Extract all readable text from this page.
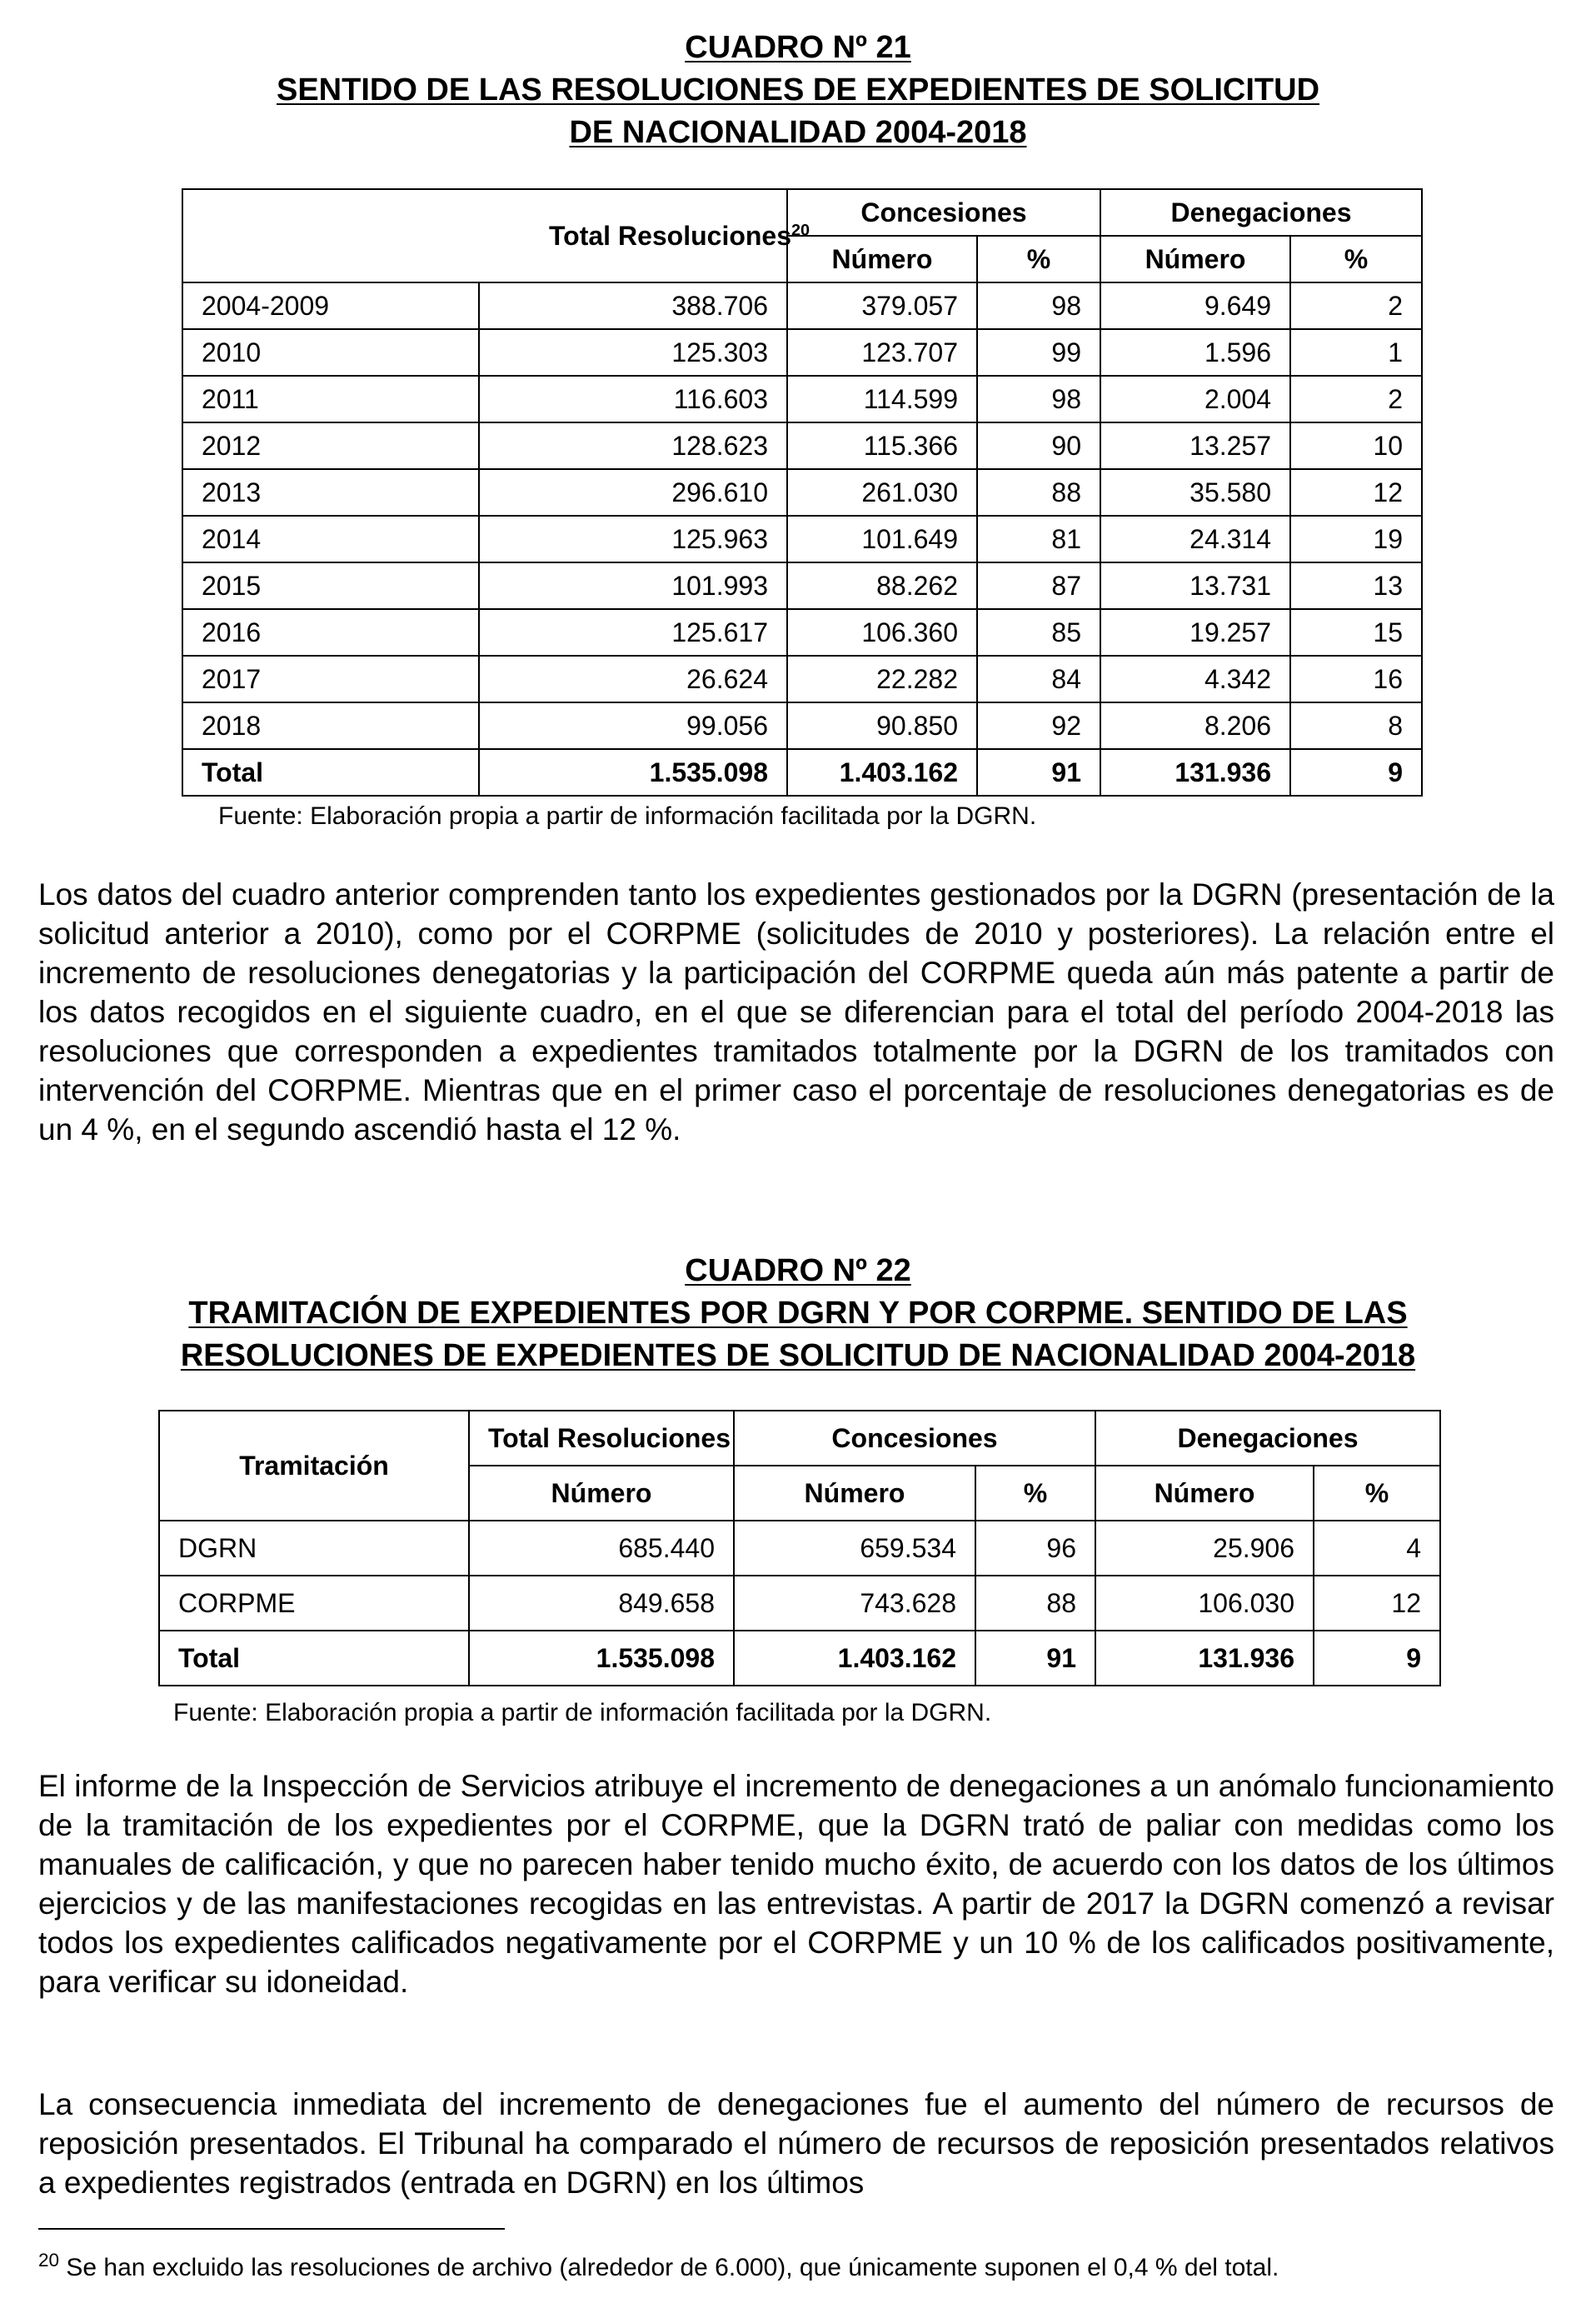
CUADRO Nº 21
SENTIDO DE LAS RESOLUCIONES DE EXPEDIENTES DE SOLICITUD
DE NACIONALIDAD 2004-2018
	Total Resoluciones$^{20}$	Concesiones		Denegaciones	
		Número	%	Número	%
2004-2009	388.706	379.057	98	9.649	2
2010	125.303	123.707	99	1.596	1
2011	116.603	114.599	98	2.004	2
2012	128.623	115.366	90	13.257	10
2013	296.610	261.030	88	35.580	12
2014	125.963	101.649	81	24.314	19
2015	101.993	88.262	87	13.731	13
2016	125.617	106.360	85	19.257	15
2017	26.624	22.282	84	4.342	16
2018	99.056	90.850	92	8.206	8
Total	1.535.098	1.403.162	91	131.936	9
Fuente: Elaboración propia a partir de información facilitada por la DGRN.
Los datos del cuadro anterior comprenden tanto los expedientes gestionados por la DGRN (presentación de la solicitud anterior a 2010), como por el CORPME (solicitudes de 2010 y posteriores). La relación entre el incremento de resoluciones denegatorias y la participación del CORPME queda aún más patente a partir de los datos recogidos en el siguiente cuadro, en el que se diferencian para el total del período 2004-2018 las resoluciones que corresponden a expedientes tramitados totalmente por la DGRN de los tramitados con intervención del CORPME. Mientras que en el primer caso el porcentaje de resoluciones denegatorias es de un 4 %, en el segundo ascendió hasta el 12 %.
CUADRO Nº 22
TRAMITACIÓN DE EXPEDIENTES POR DGRN Y POR CORPME. SENTIDO DE LAS
RESOLUCIONES DE EXPEDIENTES DE SOLICITUD DE NACIONALIDAD 2004-2018
Tramitación	Total Resoluciones	Concesiones		Denegaciones	
	Número	Número	%	Número	%
DGRN	685.440	659.534	96	25.906	4
CORPME	849.658	743.628	88	106.030	12
Total	1.535.098	1.403.162	91	131.936	9
Fuente: Elaboración propia a partir de información facilitada por la DGRN.
El informe de la Inspección de Servicios atribuye el incremento de denegaciones a un anómalo funcionamiento de la tramitación de los expedientes por el CORPME, que la DGRN trató de paliar con medidas como los manuales de calificación, y que no parecen haber tenido mucho éxito, de acuerdo con los datos de los últimos ejercicios y de las manifestaciones recogidas en las entrevistas. A partir de 2017 la DGRN comenzó a revisar todos los expedientes calificados negativamente por el CORPME y un 10 % de los calificados positivamente, para verificar su idoneidad.
La consecuencia inmediata del incremento de denegaciones fue el aumento del número de recursos de reposición presentados. El Tribunal ha comparado el número de recursos de reposición presentados relativos a expedientes registrados (entrada en DGRN) en los últimos
$^{20}$ Se han excluido las resoluciones de archivo (alrededor de 6.000), que únicamente suponen el 0,4 % del total.
